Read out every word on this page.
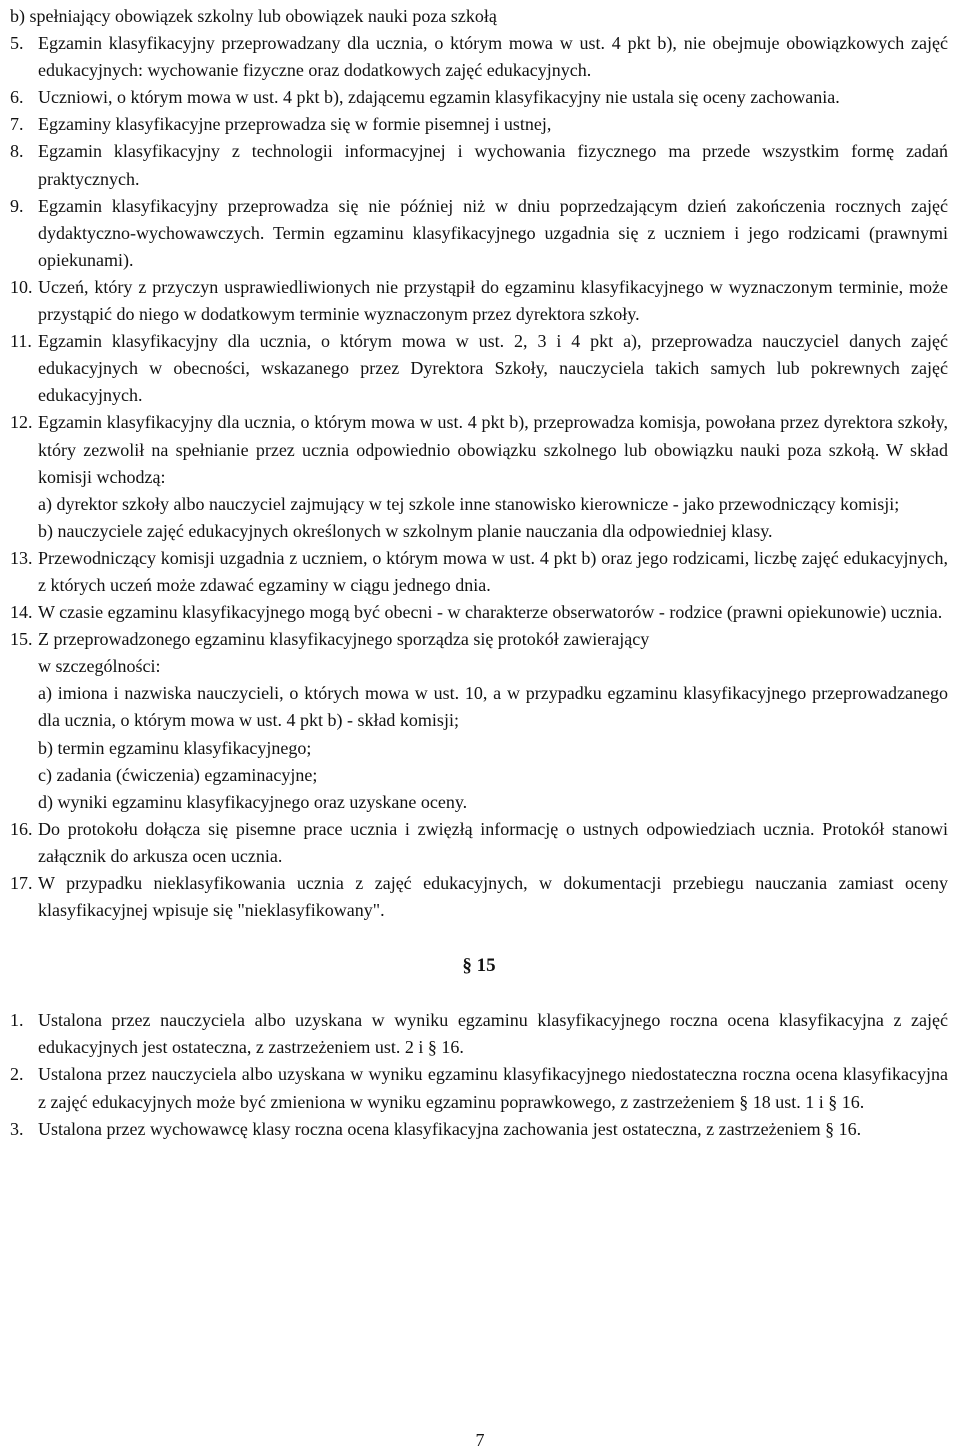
b) spełniający obowiązek szkolny lub obowiązek nauki poza szkołą

5. Egzamin klasyfikacyjny przeprowadzany dla ucznia, o którym mowa w ust. 4 pkt b), nie obejmuje obowiązkowych zajęć edukacyjnych: wychowanie fizyczne oraz dodatkowych zajęć edukacyjnych.
6. Uczniowi, o którym mowa w ust. 4 pkt b), zdającemu egzamin klasyfikacyjny nie ustala się oceny zachowania.
7. Egzaminy klasyfikacyjne przeprowadza się w formie pisemnej i ustnej,
8. Egzamin klasyfikacyjny z technologii informacyjnej i wychowania fizycznego ma przede wszystkim formę zadań praktycznych.
9. Egzamin klasyfikacyjny przeprowadza się nie później niż w dniu poprzedzającym dzień zakończenia rocznych zajęć dydaktyczno-wychowawczych. Termin egzaminu klasyfikacyjnego uzgadnia się z uczniem i jego rodzicami (prawnymi opiekunami).
10. Uczeń, który z przyczyn usprawiedliwionych nie przystąpił do egzaminu klasyfikacyjnego w wyznaczonym terminie, może przystąpić do niego w dodatkowym terminie wyznaczonym przez dyrektora szkoły.
11. Egzamin klasyfikacyjny dla ucznia, o którym mowa w ust. 2, 3 i 4 pkt a), przeprowadza nauczyciel danych zajęć edukacyjnych w obecności, wskazanego przez Dyrektora Szkoły, nauczyciela takich samych lub pokrewnych zajęć edukacyjnych.
12. Egzamin klasyfikacyjny dla ucznia, o którym mowa w ust. 4 pkt b), przeprowadza komisja, powołana przez dyrektora szkoły, który zezwolił na spełnianie przez ucznia odpowiednio obowiązku szkolnego lub obowiązku nauki poza szkołą. W skład komisji wchodzą:

a) dyrektor szkoły albo nauczyciel zajmujący w tej szkole inne stanowisko kierownicze - jako przewodniczący komisji;

b) nauczyciele zajęć edukacyjnych określonych w szkolnym planie nauczania dla odpowiedniej klasy.

13. Przewodniczący komisji uzgadnia z uczniem, o którym mowa w ust. 4 pkt b) oraz jego rodzicami, liczbę zajęć edukacyjnych, z których uczeń może zdawać egzaminy w ciągu jednego dnia.
14. W czasie egzaminu klasyfikacyjnego mogą być obecni - w charakterze obserwatorów - rodzice (prawni opiekunowie) ucznia.
15. Z przeprowadzonego egzaminu klasyfikacyjnego sporządza się protokół zawierający

w szczególności:

a) imiona i nazwiska nauczycieli, o których mowa w ust. 10, a w przypadku egzaminu klasyfikacyjnego przeprowadzanego dla ucznia, o którym mowa w ust. 4 pkt b) - skład komisji;

b) termin egzaminu klasyfikacyjnego;

c) zadania (ćwiczenia) egzaminacyjne;

d) wyniki egzaminu klasyfikacyjnego oraz uzyskane oceny.

16. Do protokołu dołącza się pisemne prace ucznia i zwięzłą informację o ustnych odpowiedziach ucznia. Protokół stanowi załącznik do arkusza ocen ucznia.
17. W przypadku nieklasyfikowania ucznia z zajęć edukacyjnych, w dokumentacji przebiegu nauczania zamiast oceny klasyfikacyjnej wpisuje się "nieklasyfikowany".
§ 15
1. Ustalona przez nauczyciela albo uzyskana w wyniku egzaminu klasyfikacyjnego roczna ocena klasyfikacyjna z zajęć edukacyjnych jest ostateczna, z zastrzeżeniem ust. 2 i § 16.
2. Ustalona przez nauczyciela albo uzyskana w wyniku egzaminu klasyfikacyjnego niedostateczna roczna ocena klasyfikacyjna z zajęć edukacyjnych może być zmieniona w wyniku egzaminu poprawkowego, z zastrzeżeniem § 18 ust. 1 i § 16.
3. Ustalona przez wychowawcę klasy roczna ocena klasyfikacyjna zachowania jest ostateczna, z zastrzeżeniem § 16.
7
